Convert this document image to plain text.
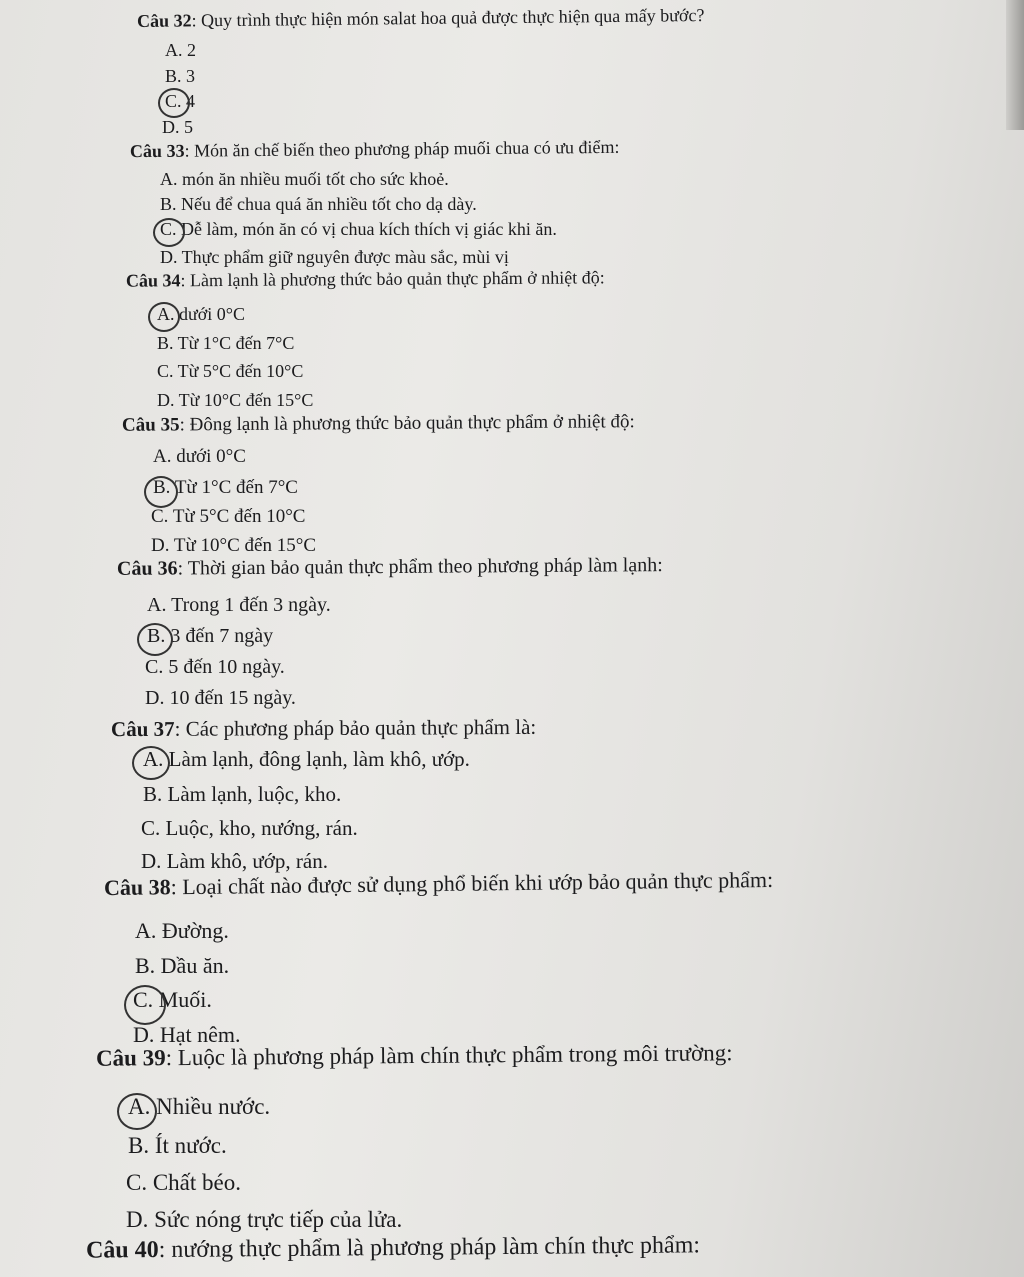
Câu 32: Quy trình thực hiện món salat hoa quả được thực hiện qua mấy bước?
A. 2
B. 3
C. 4
D. 5
Câu 33: Món ăn chế biến theo phương pháp muối chua có ưu điểm:
A. món ăn nhiều muối tốt cho sức khoẻ.
B. Nếu để chua quá ăn nhiều tốt cho dạ dày.
C. Dễ làm, món ăn có vị chua kích thích vị giác khi ăn.
D. Thực phẩm giữ nguyên được màu sắc, mùi vị
Câu 34: Làm lạnh là phương thức bảo quản thực phẩm ở nhiệt độ:
A. dưới 0°C
B. Từ 1°C đến 7°C
C. Từ 5°C đến 10°C
D. Từ 10°C đến 15°C
Câu 35: Đông lạnh là phương thức bảo quản thực phẩm ở nhiệt độ:
A. dưới 0°C
B. Từ 1°C đến 7°C
C. Từ 5°C đến 10°C
D. Từ 10°C đến 15°C
Câu 36: Thời gian bảo quản thực phẩm theo phương pháp làm lạnh:
A. Trong 1 đến 3 ngày.
B. 3 đến 7 ngày
C. 5 đến 10 ngày.
D. 10 đến 15 ngày.
Câu 37: Các phương pháp bảo quản thực phẩm là:
A. Làm lạnh, đông lạnh, làm khô, ướp.
B. Làm lạnh, luộc, kho.
C. Luộc, kho, nướng, rán.
D. Làm khô, ướp, rán.
Câu 38: Loại chất nào được sử dụng phổ biến khi ướp bảo quản thực phẩm:
A. Đường.
B. Dầu ăn.
C. Muối.
D. Hạt nêm.
Câu 39: Luộc là phương pháp làm chín thực phẩm trong môi trường:
A. Nhiều nước.
B. Ít nước.
C. Chất béo.
D. Sức nóng trực tiếp của lửa.
Câu 40: nướng thực phẩm là phương pháp làm chín thực phẩm:
